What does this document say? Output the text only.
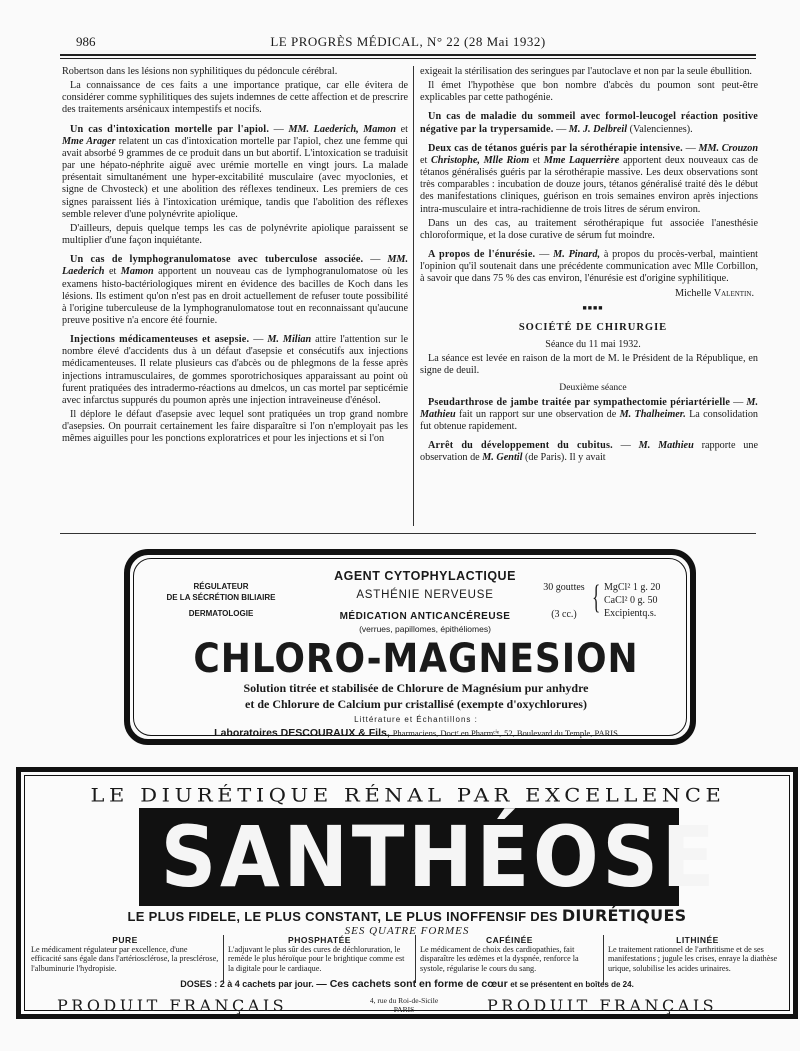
986	LE PROGRÈS MÉDICAL, N° 22 (28 Mai 1932)

Robertson dans les lésions non syphilitiques du pédoncule cérébral.

La connaissance de ces faits a une importance pratique, car elle évitera de considérer comme syphilitiques des sujets indemnes de cette affection et de prescrire des traitements arsénicaux intempestifs et nocifs.

Un cas d'intoxication mortelle par l'apiol. — MM. Laederich, Mamon et Mme Arager relatent un cas d'intoxication mortelle par l'apiol, chez une femme qui avait absorbé 9 grammes de ce produit dans un but abortif. L'intoxication se traduisit par une hépato-néphrite aiguë avec urémie mortelle en vingt jours. La malade présentait simultanément une hyper-excitabilité musculaire (avec myoclonies, et signe de Chvosteck) et une abolition des réflexes tendineux. Les premiers de ces signes paraissent liés à l'intoxication urémique, tandis que l'abolition des réflexes semble relever d'une polynévrite apiolique.

D'ailleurs, depuis quelque temps les cas de polynévrite apiolique paraissent se multiplier d'une façon inquiétante.

Un cas de lymphogranulomatose avec tuberculose associée. — MM. Laederich et Mamon apportent un nouveau cas de lymphogranulomatose où les examens histo-bactériologiques mirent en évidence des bacilles de Koch dans les lésions. Ils estiment qu'on n'est pas en droit actuellement de refuser toute possibilité à l'origine tuberculeuse de la lymphogranulomatose tout en reconnaissant qu'aucune preuve positive n'a encore été fournie.

Injections médicamenteuses et asepsie. — M. Milian attire l'attention sur le nombre élevé d'accidents dus à un défaut d'asepsie et consécutifs aux injections médicamenteuses. Il relate plusieurs cas d'abcès ou de phlegmons de la fesse après injections intramusculaires, de gommes sporotrichosiques apparaissant au point où furent pratiquées des intradermo-réactions au dmelcos, un cas mortel par septicémie avec infarctus suppurés du poumon après une injection intraveineuse d'énésol.

Il déplore le défaut d'asepsie avec lequel sont pratiquées un trop grand nombre d'asepsies. On pourrait certainement les faire disparaître si l'on n'employait pas les mêmes aiguilles pour les ponctions exploratrices et pour les injections et si l'on

exigeait la stérilisation des seringues par l'autoclave et non par la seule ébullition.

Il émet l'hypothèse que bon nombre d'abcès du poumon sont peut-être explicables par cette pathogénie.

Un cas de maladie du sommeil avec formol-leucogel réaction positive négative par la trypersamide. — M. J. Delbreil (Valenciennes).

Deux cas de tétanos guéris par la sérothérapie intensive. — MM. Crouzon et Christophe, Mlle Riom et Mme Laquerrière apportent deux nouveaux cas de tétanos généralisés guéris par la sérothérapie massive. Les deux observations sont très comparables : incubation de douze jours, tétanos généralisé traité dès le début des manifestations cliniques, guérison en trois semaines environ après injections intra-musculaire et intra-rachidienne de trois litres de sérum environ.

Dans un des cas, au traitement sérothérapique fut associée l'anesthésie chloroformique, et la dose curative de sérum fut moindre.

A propos de l'énurésie. — M. Pinard, à propos du procès-verbal, maintient l'opinion qu'il soutenait dans une précédente communication avec Mlle Corbillon, à savoir que dans 75 % des cas environ, l'énurésie est d'origine syphilitique.

Michelle Valentin.

■■■■

SOCIÉTÉ DE CHIRURGIE

Séance du 11 mai 1932.

La séance est levée en raison de la mort de M. le Président de la République, en signe de deuil.

Deuxième séance

Pseudarthrose de jambe traitée par sympathectomie périartérielle — M. Mathieu fait un rapport sur une observation de M. Thalheimer. La consolidation fut obtenue rapidement.

Arrêt du développement du cubitus. — M. Mathieu rapporte une observation de M. Gentil (de Paris). Il y avait

RÉGULATEUR
DE LA SÉCRÉTION BILIAIRE
DERMATOLOGIE
AGENT CYTOPHYLACTIQUE
ASTHÉNIE NERVEUSE
MÉDICATION ANTICANCÉREUSE
(verrues, papillomes, épithéliomes)
30 gouttes
(3 cc.) { MgCl² 1 g. 20
CaCl² 0 g. 50
Excipientq.s.
CHLORO-MAGNESION
Solution titrée et stabilisée de Chlorure de Magnésium pur anhydre
et de Chlorure de Calcium pur cristallisé (exempte d'oxychlorures)
Littérature et Échantillons :
Laboratoires DESCOURAUX & Fils, Pharmaciens, Doctʳ en Pharmᶜⁱᵉ, 52, Boulevard du Temple, PARIS
LE DIURÉTIQUE RÉNAL PAR EXCELLENCE
SANTHÉOSE
LE PLUS FIDELE, LE PLUS CONSTANT, LE PLUS INOFFENSIF DES DIURÉTIQUES
SES QUATRE FORMES
PURE
Le médicament régulateur par excellence, d'une efficacité sans égale dans l'artériosclérose, la presclérose, l'albuminurie l'hydropisie.
PHOSPHATÉE
L'adjuvant le plus sûr des cures de déchloruration, le remède le plus héroïque pour le brightique comme est la digitale pour le cardiaque.
CAFÉINÉE
Le médicament de choix des cardiopathies, fait disparaître les œdèmes et la dyspnée, renforce la systole, régularise le cours du sang.
LITHINÉE
Le traitement rationnel de l'arthritisme et de ses manifestations ; jugule les crises, enraye la diathèse urique, solubilise les acides urinaires.
DOSES : 2 à 4 cachets par jour. — Ces cachets sont en forme de cœur et se présentent en boîtes de 24.
PRODUIT FRANÇAIS	4, rue du Roi-de-Sicile
— PARIS —	PRODUIT FRANÇAIS
